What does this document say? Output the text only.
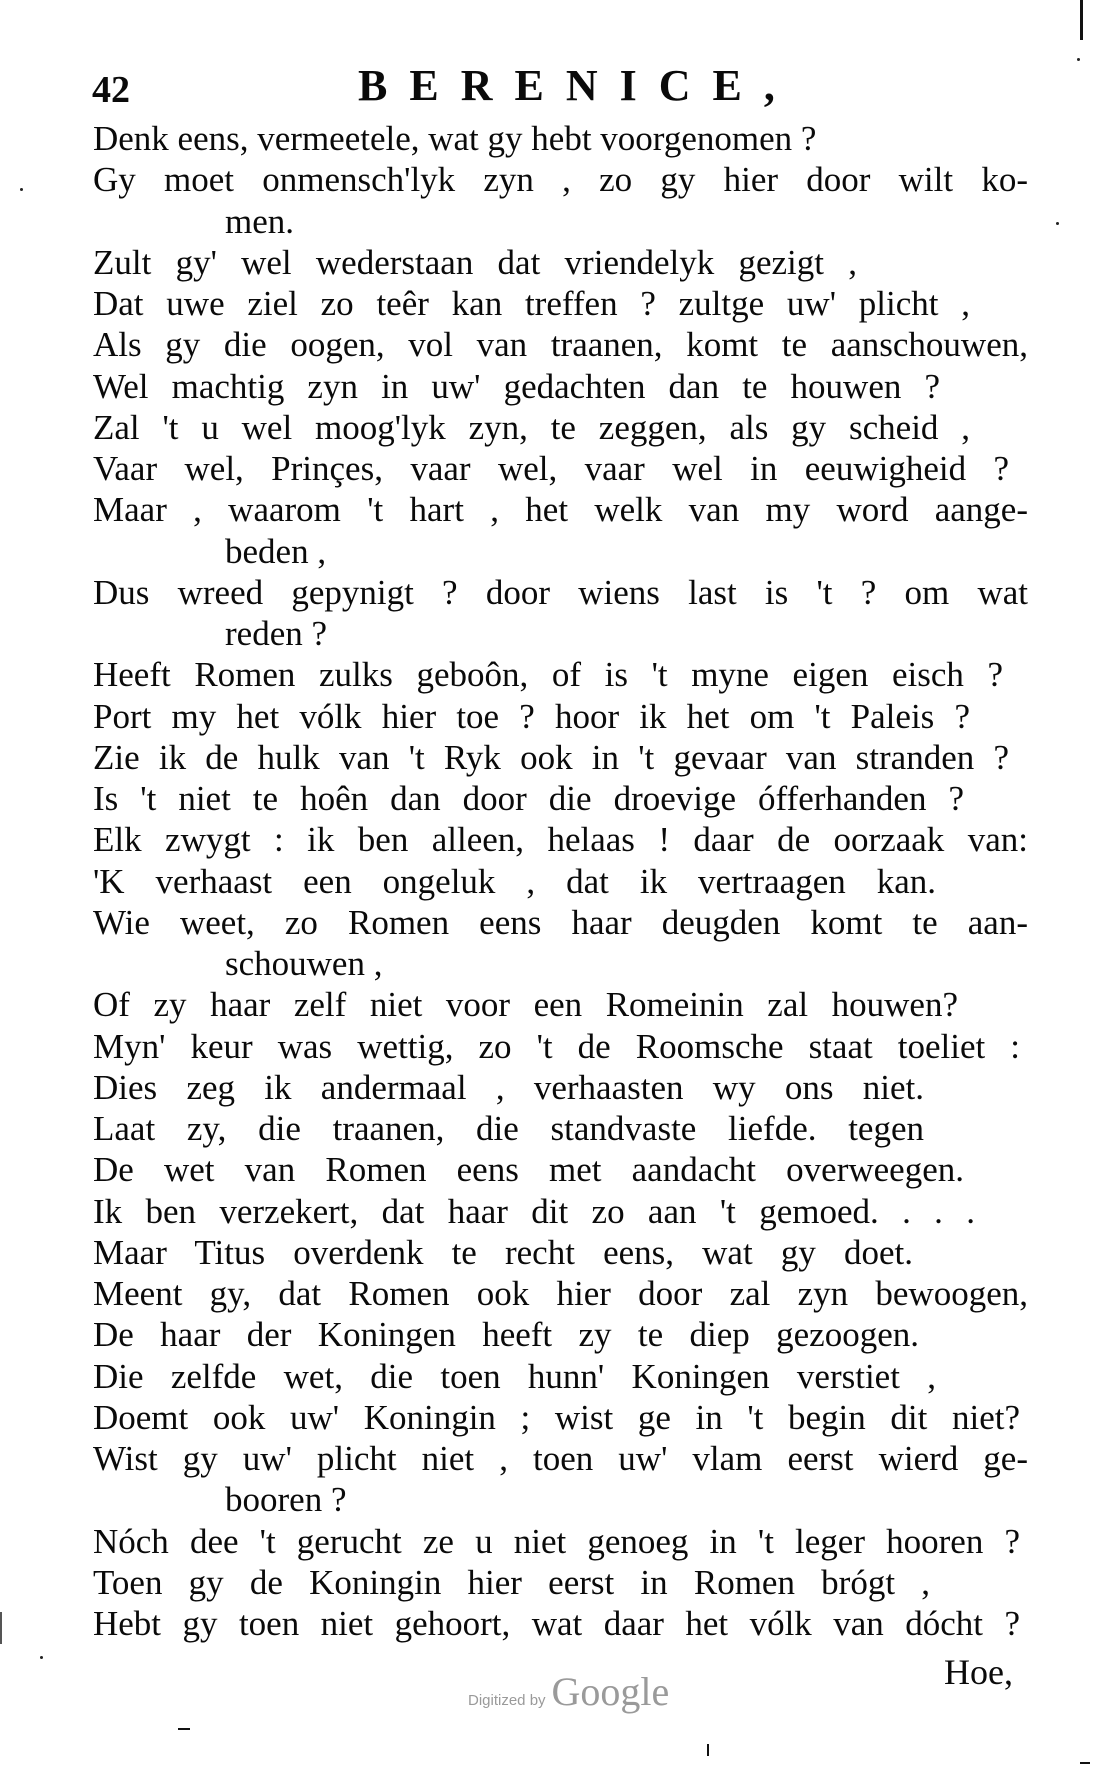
42	BERENICE,
Denk eens, vermeetele, wat gy hebt voorgenomen ?
Gy moet onmensch'lyk zyn , zo gy hier door wilt ko-
men.
Zult gy' wel wederstaan dat vriendelyk gezigt ,
Dat uwe ziel zo teêr kan treffen ? zultge uw' plicht ,
Als gy die oogen, vol van traanen, komt te aanschouwen,
Wel machtig zyn in uw' gedachten dan te houwen ?
Zal 't u wel moog'lyk zyn, te zeggen, als gy scheid ,
Vaar wel, Prinçes, vaar wel, vaar wel in eeuwigheid ?
Maar , waarom 't hart , het welk van my word aange-
beden ,
Dus wreed gepynigt ? door wiens last is 't ? om wat
reden ?
Heeft Romen zulks geboôn, of is 't myne eigen eisch ?
Port my het vólk hier toe ? hoor ik het om 't Paleis ?
Zie ik de hulk van 't Ryk ook in 't gevaar van stranden ?
Is 't niet te hoên dan door die droevige ófferhanden ?
Elk zwygt : ik ben alleen, helaas ! daar de oorzaak van:
'K verhaast een ongeluk , dat ik vertraagen kan.
Wie weet, zo Romen eens haar deugden komt te aan-
schouwen ,
Of zy haar zelf niet voor een Romeinin zal houwen?
Myn' keur was wettig, zo 't de Roomsche staat toeliet :
Dies zeg ik andermaal , verhaasten wy ons niet.
Laat zy, die traanen, die standvaste liefde. tegen
De wet van Romen eens met aandacht overweegen.
Ik ben verzekert, dat haar dit zo aan 't gemoed. . . .
Maar Titus overdenk te recht eens, wat gy doet.
Meent gy, dat Romen ook hier door zal zyn bewoogen,
De haar der Koningen heeft zy te diep gezoogen.
Die zelfde wet, die toen hunn' Koningen verstiet ,
Doemt ook uw' Koningin ; wist ge in 't begin dit niet?
Wist gy uw' plicht niet , toen uw' vlam eerst wierd ge-
booren ?
Nóch dee 't gerucht ze u niet genoeg in 't leger hooren ?
Toen gy de Koningin hier eerst in Romen brógt ,
Hebt gy toen niet gehoort, wat daar het vólk van dócht ?
Hoe,
Digitized by Google
